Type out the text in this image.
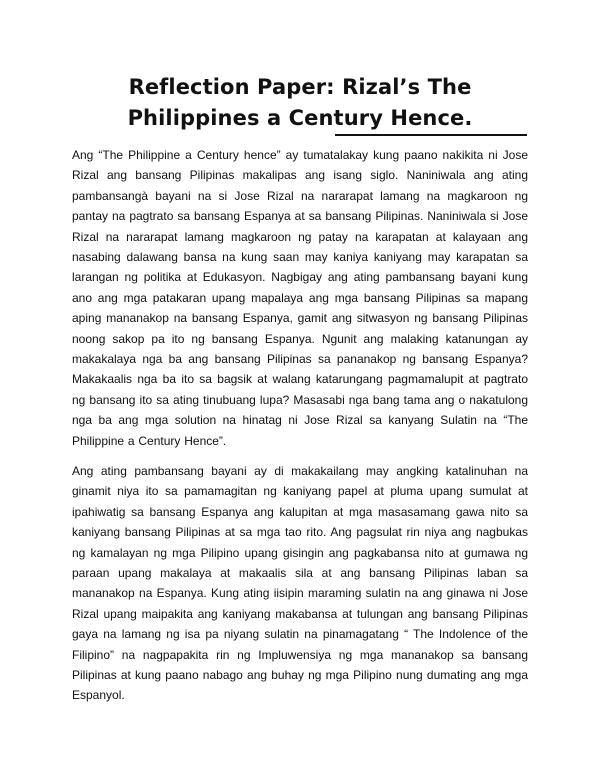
Reflection Paper: Rizal’s The Philippines a Century Hence.

Ang “The Philippine a Century hence” ay tumatalakay kung paano nakikita ni Jose Rizal ang bansang Pilipinas makalipas ang isang siglo. Naniniwala ang ating pambansangà bayani na si Jose Rizal na nararapat lamang na magkaroon ng pantay na pagtrato sa bansang Espanya at sa bansang Pilipinas. Naniniwala si Jose Rizal na nararapat lamang magkaroon ng patay na karapatan at kalayaan ang nasabing dalawang bansa na kung saan may kaniya kaniyang may karapatan sa larangan ng politika at Edukasyon. Nagbigay ang ating pambansang bayani kung ano ang mga patakaran upang mapalaya ang mga bansang Pilipinas sa mapang aping mananakop na bansang Espanya, gamit ang sitwasyon ng bansang Pilipinas noong sakop pa ito ng bansang Espanya. Ngunit ang malaking katanungan ay makakalaya nga ba ang bansang Pilipinas sa pananakop ng bansang Espanya? Makakaalis nga ba ito sa bagsik at walang katarungang pagmamalupit at pagtrato ng bansang ito sa ating tinubuang lupa? Masasabi nga bang tama ang o nakatulong nga ba ang mga solution na hinatag ni Jose Rizal sa kanyang Sulatin na “The Philippine a Century Hence”.

Ang ating pambansang bayani ay di makakailang may angking katalinuhan na ginamit niya ito sa pamamagitan ng kaniyang papel at pluma upang sumulat at ipahiwatig sa bansang Espanya ang kalupitan at mga masasamang gawa nito sa kaniyang bansang Pilipinas at sa mga tao rito. Ang pagsulat rin niya ang nagbukas ng kamalayan ng mga Pilipino upang gisingin ang pagkabansa nito at gumawa ng paraan upang makalaya at makaalis sila at ang bansang Pilipinas laban sa mananakop na Espanya. Kung ating iisipin maraming sulatin na ang ginawa ni Jose Rizal upang maipakita ang kaniyang makabansa at tulungan ang bansang Pilipinas gaya na lamang ng isa pa niyang sulatin na pinamagatang “ The Indolence of the Filipino” na nagpapakita rin ng Impluwensiya ng mga mananakop sa bansang Pilipinas at kung paano nabago ang buhay ng mga Pilipino nung dumating ang mga Espanyol.
